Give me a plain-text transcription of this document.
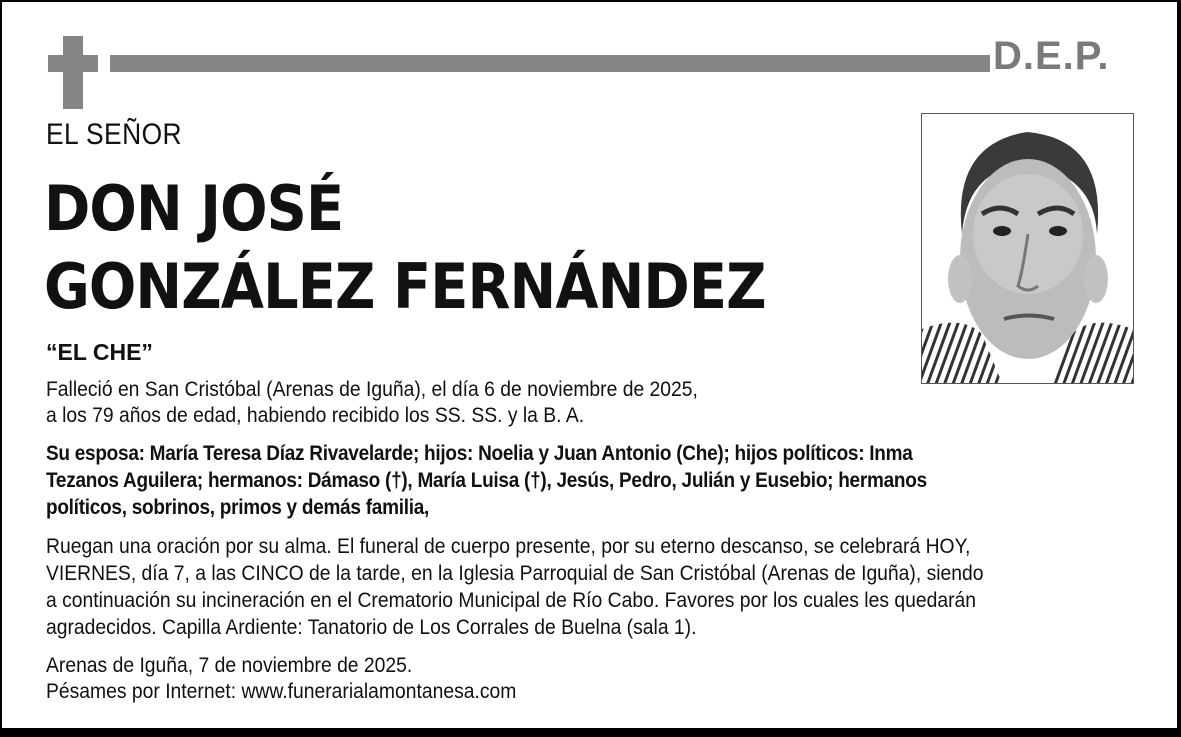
D.E.P.
EL SEÑOR
DON JOSÉ
GONZÁLEZ FERNÁNDEZ
“EL CHE”
Falleció en San Cristóbal (Arenas de Iguña), el día 6 de noviembre de 2025,
a los 79 años de edad, habiendo recibido los SS. SS. y la B. A.
Su esposa: María Teresa Díaz Rivavelarde; hijos: Noelia y Juan Antonio (Che); hijos políticos: Inma
Tezanos Aguilera; hermanos: Dámaso (†), María Luisa (†), Jesús, Pedro, Julián y Eusebio; hermanos
políticos, sobrinos, primos y demás familia,
Ruegan una oración por su alma. El funeral de cuerpo presente, por su eterno descanso, se celebrará HOY,
VIERNES, día 7, a las CINCO de la tarde, en la Iglesia Parroquial de San Cristóbal (Arenas de Iguña), siendo
a continuación su incineración en el Crematorio Municipal de Río Cabo. Favores por los cuales les quedarán
agradecidos. Capilla Ardiente: Tanatorio de Los Corrales de Buelna (sala 1).
Arenas de Iguña, 7 de noviembre de 2025.
Pésames por Internet: www.funerarialamontanesa.com
